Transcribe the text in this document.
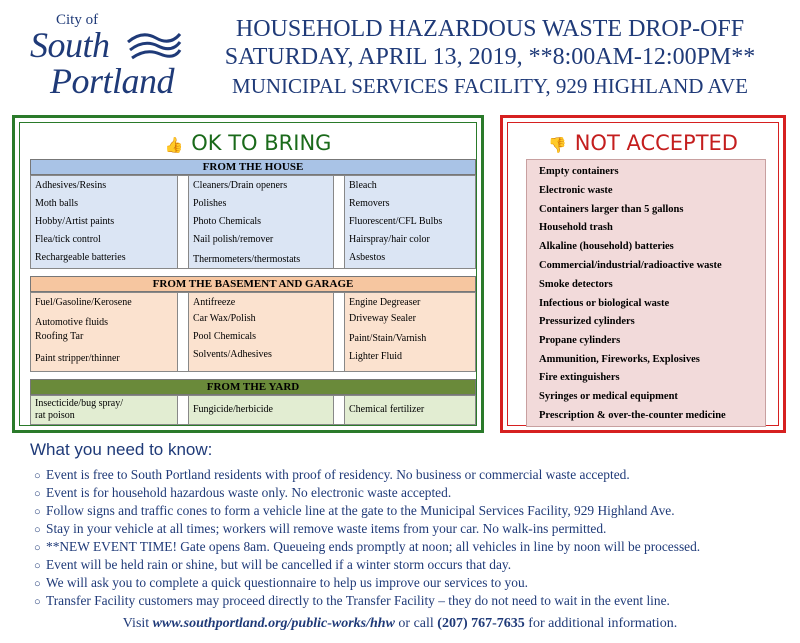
City of
South
Portland
HOUSEHOLD HAZARDOUS WASTE DROP-OFF
SATURDAY, APRIL 13, 2019, **8:00AM-12:00PM**
MUNICIPAL SERVICES FACILITY, 929 HIGHLAND AVE
👍 OK TO BRING
FROM THE HOUSE
Adhesives/Resins
Moth balls
Hobby/Artist paints
Flea/tick control
Rechargeable batteries
Cleaners/Drain openers
Polishes
Photo Chemicals
Nail polish/remover
Thermometers/thermostats
Bleach
Removers
Fluorescent/CFL Bulbs
Hairspray/hair color
Asbestos
FROM THE BASEMENT AND GARAGE
Fuel/Gasoline/Kerosene
Automotive fluids
Roofing Tar
Paint stripper/thinner
Antifreeze
Car Wax/Polish
Pool Chemicals
Solvents/Adhesives
Engine Degreaser
Driveway Sealer
Paint/Stain/Varnish
Lighter Fluid
FROM THE YARD
Insecticide/bug spray/
rat poison
Fungicide/herbicide	Chemical fertilizer
👎 NOT ACCEPTED
Empty containers
Electronic waste
Containers larger than 5 gallons
Household trash
Alkaline (household) batteries
Commercial/industrial/radioactive waste
Smoke detectors
Infectious or biological waste
Pressurized cylinders
Propane cylinders
Ammunition, Fireworks, Explosives
Fire extinguishers
Syringes or medical equipment
Prescription & over-the-counter medicine
What you need to know:
○ Event is free to South Portland residents with proof of residency. No business or commercial waste accepted.
○ Event is for household hazardous waste only. No electronic waste accepted.
○ Follow signs and traffic cones to form a vehicle line at the gate to the Municipal Services Facility, 929 Highland Ave.
○ Stay in your vehicle at all times; workers will remove waste items from your car. No walk-ins permitted.
○ **NEW EVENT TIME! Gate opens 8am. Queueing ends promptly at noon; all vehicles in line by noon will be processed.
○ Event will be held rain or shine, but will be cancelled if a winter storm occurs that day.
○ We will ask you to complete a quick questionnaire to help us improve our services to you.
○ Transfer Facility customers may proceed directly to the Transfer Facility – they do not need to wait in the event line.
Visit www.southportland.org/public-works/hhw or call (207) 767-7635 for additional information.
